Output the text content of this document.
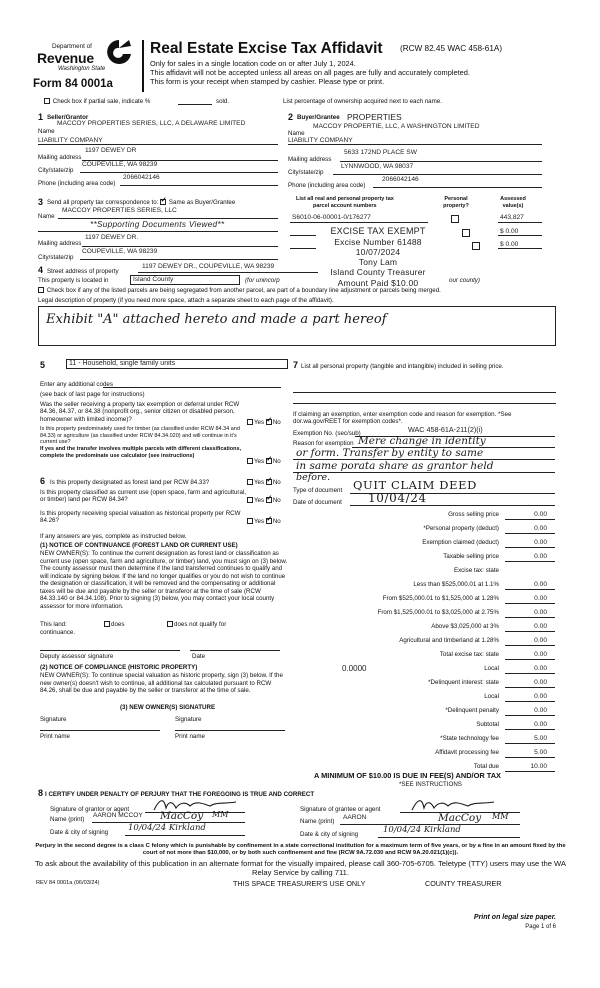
Department of
Revenue
Washington State
Form 84 0001a
Real Estate Excise Tax Affidavit (RCW 82.45 WAC 458-61A)
Only for sales in a single location code on or after July 1, 2024.
This affidavit will not be accepted unless all areas on all pages are fully and accurately completed.
This form is your receipt when stamped by cashier. Please type or print.
Check box if partial sale, indicate %	sold.	List percentage of ownership acquired next to each name.
1 Seller/Grantor
Name
MACCOY PROPERTIES SERIES, LLC, A DELAWARE LIMITED
LIABILITY COMPANY
Mailing address
1197 DEWEY DR
City/state/zip
COUPEVILLE, WA 98239
Phone (including area code)
2066042146
2 Buyer/Grantee PROPERTIES
Name
MACCOY PROPERTIE, LLC, A WASHINGTON LIMITED
LIABILITY COMPANY
Mailing address
5633 172ND PLACE SW
City/state/zip
LYNNWOOD, WA 98037
Phone (including area code)
2066042146
3 Send all property tax correspondence to: ✓ Same as Buyer/Grantee
Name
MACCOY PROPERTIES SERIES, LLC
**Supporting Documents Viewed**
Mailing address
1197 DEWEY DR.
City/state/zip
COUPEVILLE, WA 98239
List all real and personal property tax
parcel account numbers
Personal property?
Assessed value(s)
S6010-06-00001-0/176277
	443,827

$ 0.00
$ 0.00
EXCISE TAX EXEMPT
Excise Number 61488
10/07/2024
Tony Lam
Island County Treasurer
Amount Paid $10.00
4 Street address of property
1197 DEWEY DR., COUPEVILLE, WA 98239
This property is located in	Island County	(for unincorp	our county)
Check box if any of the listed parcels are being segregated from another parcel, are part of a boundary line adjustment or parcels being merged.
Legal description of property (if you need more space, attach a separate sheet to each page of the affidavit).
Exhibit "A" attached hereto and made a part hereof
5	11 - Household, single family units
Enter any additional codes
(see back of last page for instructions)
Was the seller receiving a property tax exemption or deferral under RCW 84.36, 84.37, or 84.38 (nonprofit org., senior citizen or disabled person, homeowner with limited income)?	Yes ✓ No
Is this property predominately used for timber (as classified under RCW 84.34 and 84.33) or agriculture (as classified under RCW 84.34.020) and will continue in it's current use?
If yes and the transfer involves multiple parcels with different classifications, complete the predominate use calculator (see instructions)
Yes ✓ No
6 Is this property designated as forest land per RCW 84.33?	Yes ✓ No
Is this property classified as current use (open space, farm and agricultural, or timber) land per RCW 84.34?	Yes ✓ No
Is this property receiving special valuation as historical property per RCW 84.26?	Yes ✓ No
If any answers are yes, complete as instructed below.
(1) NOTICE OF CONTINUANCE (FOREST LAND OR CURRENT USE)
NEW OWNER(S): To continue the current designation as forest land or classification as current use (open space, farm and agriculture, or timber) land, you must sign on (3) below. The county assessor must then determine if the land transferred continues to qualify and will indicate by signing below. If the land no longer qualifies or you do not wish to continue the designation or classification, it will be removed and the compensating or additional taxes will be due and payable by the seller or transferor at the time of sale (RCW 84.33.140 or 84.34.108). Prior to signing (3) below, you may contact your local county assessor for more information.
This land:	does	does not qualify for
continuance.
Deputy assessor signature	Date
(2) NOTICE OF COMPLIANCE (HISTORIC PROPERTY)
NEW OWNER(S): To continue special valuation as historic property, sign (3) below. If the new owner(s) doesn't wish to continue, all additional tax calculated pursuant to RCW 84.26, shall be due and payable by the seller or transferor at the time of sale.
(3) NEW OWNER(S) SIGNATURE
Signature	Signature
Print name	Print name
7 List all personal property (tangible and intangible) included in selling price.
If claiming an exemption, enter exemption code and reason for exemption. *See dor.wa.gov/REET for exemption codes*.
WAC 458-61A-211(2)(i)
Exemption No. (sec/sub)
Reason for exemption Mere change in identity
or form. Transfer by entity to same
in same porata share as grantor held
before.
Type of document QUIT CLAIM DEED
Date of document 10/04/24
Gross selling price	0.00
*Personal property (deduct)	0.00
Exemption claimed (deduct)	0.00
Taxable selling price	0.00
Excise tax: state
Less than $525,000.01 at 1.1%	0.00
From $525,000.01 to $1,525,000 at 1.28%	0.00
From $1,525,000.01 to $3,025,000 at 2.75%	0.00
Above $3,025,000 at 3%	0.00
Agricultural and timberland at 1.28%	0.00
Total excise tax: state	0.00
0.0000	Local	0.00
*Delinquent interest: state	0.00
Local	0.00
*Delinquent penalty	0.00
Subtotal	0.00
*State technology fee	5.00
Affidavit processing fee	5.00
Total due	10.00
A MINIMUM OF $10.00 IS DUE IN FEE(S) AND/OR TAX
*SEE INSTRUCTIONS
8 I CERTIFY UNDER PENALTY OF PERJURY THAT THE FOREGOING IS TRUE AND CORRECT
Signature of grantor or agent
Name (print)
AARON MCCOY MacCoy MM
Date & city of signing 10/04/24 Kirkland
Signature of grantee or agent
Name (print)
AARON	MacCoy MM
Date & city of signing	10/04/24 Kirkland
Perjury in the second degree is a class C felony which is punishable by confinement in a state correctional institution for a maximum term of five years, or by a fine in an amount fixed by the court of not more than $10,000, or by both such confinement and fine (RCW 9A.72.030 and RCW 9A.20.021(1)(c)).
To ask about the availability of this publication in an alternate format for the visually impaired, please call 360-705-6705. Teletype (TTY) users may use the WA Relay Service by calling 711.
REV 84 0001a (06/03/24)	THIS SPACE TREASURER'S USE ONLY	COUNTY TREASURER
Print on legal size paper.
Page 1 of 6
